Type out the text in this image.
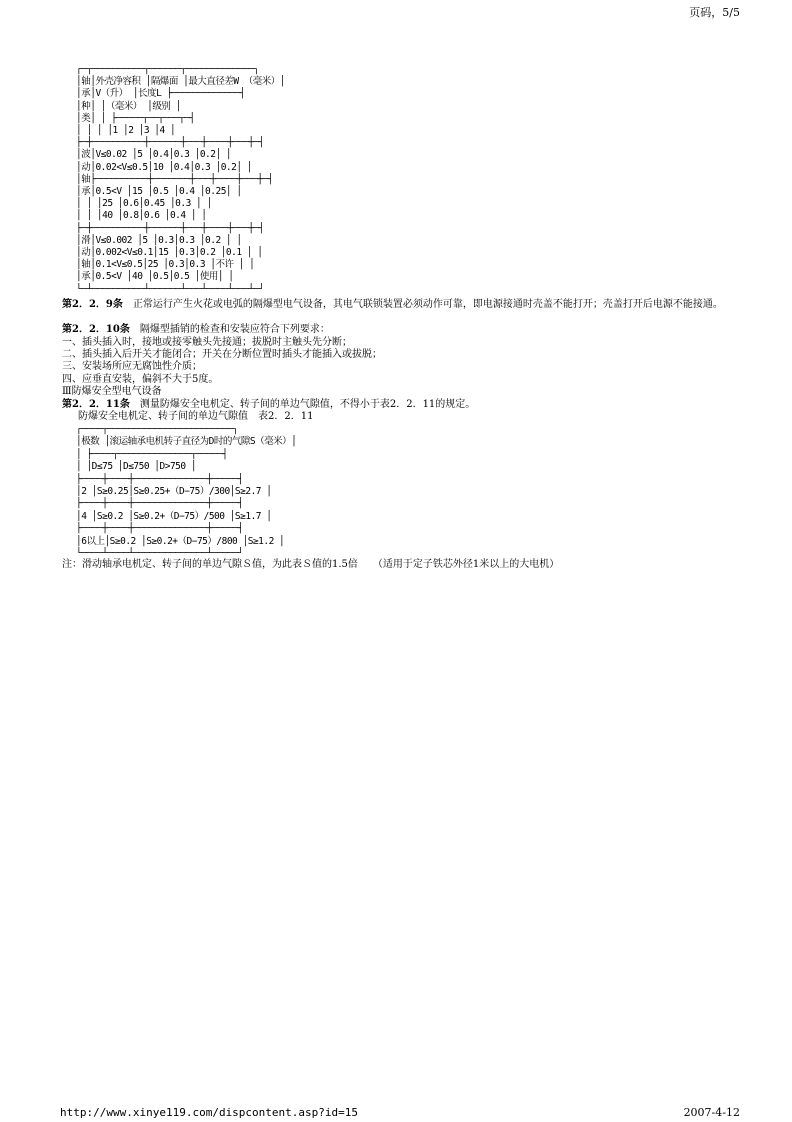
页码，5/5
┌─┬──────────┬──────┬─────────────┐
│轴│外壳净容积 │隔爆面 │最大直径差W （毫米）│
│承│V（升） │长度L ├─────────────┤
│种│ │（毫米） │级别 │
│类│ │ ├─────┬──┬───┬─┤
│ │ │ │1 │2 │3 │4 │
├─┼──────────┼──────┼───┼────┼───┼─┤
│波│V≤0.02 │5 │0.4│0.3 │0.2│ │
│动│0.02<V≤0.5│10 │0.4│0.3 │0.2│ │
│轴├──────────┼───────┼───┼────┼───┼─┤
│承│0.5<V │15 │0.5 │0.4 │0.25│ │
│ │ │25 │0.6│0.45 │0.3 │ │
│ │ │40 │0.8│0.6 │0.4 │ │
├─┼──────────┼──────┼───┼────┼───┼─┤
│滑│V≤0.002 │5 │0.3│0.3 │0.2 │ │
│动│0.002<V≤0.1│15 │0.3│0.2 │0.1 │ │
│轴│0.1<V≤0.5│25 │0.3│0.3 │不许 │ │
│承│0.5<V │40 │0.5│0.5 │使用│ │
└─┴──────────┴──────┴───┴────┴───┴─┘
第2．2．9条　正常运行产生火花或电弧的隔爆型电气设备，其电气联锁装置必须动作可靠，即电源接通时壳盖不能打开；壳盖打开后电源不能接通。
第2．2．10条　隔爆型插销的检查和安装应符合下列要求：
一、插头插入时，接地或接零触头先接通；拔脱时主触头先分断；
二、插头插入后开关才能闭合；开关在分断位置时插头才能插入或拔脱；
三、安装场所应无腐蚀性介质；
四、应垂直安装，偏斜不大于5度。
Ⅲ防爆安全型电气设备
第2．2．11条　测量防爆安全电机定、转子间的单边气隙值，不得小于表2．2．11的规定。
防爆安全电机定、转子间的单边气隙值　表2．2．11
┌────┬────────────────────────┐
│极数 │滚运轴承电机转子直径为D时的气隙S（毫米）│
│ ├────┬──────────────┬─────┤
│ │D≤75 │D≤750 │D>750 │
├────┼────┼──────────────┼─────┤
│2 │S≥0.25│S≥0.25+（D−75）/300│S≥2.7 │
├────┼────┼──────────────┼─────┤
│4 │S≥0.2 │S≥0.2+（D−75）/500 │S≥1.7 │
├────┼────┼──────────────┼─────┤
│6以上│S≥0.2 │S≥0.2+（D−75）/800 │S≥1.2 │
└────┴────┴──────────────┴─────┘
注：滑动轴承电机定、转子间的单边气隙Ｓ值，为此表Ｓ值的1.5倍　　（适用于定子铁芯外径1米以上的大电机）
http://www.xinye119.com/dispcontent.asp?id=15	2007-4-12
